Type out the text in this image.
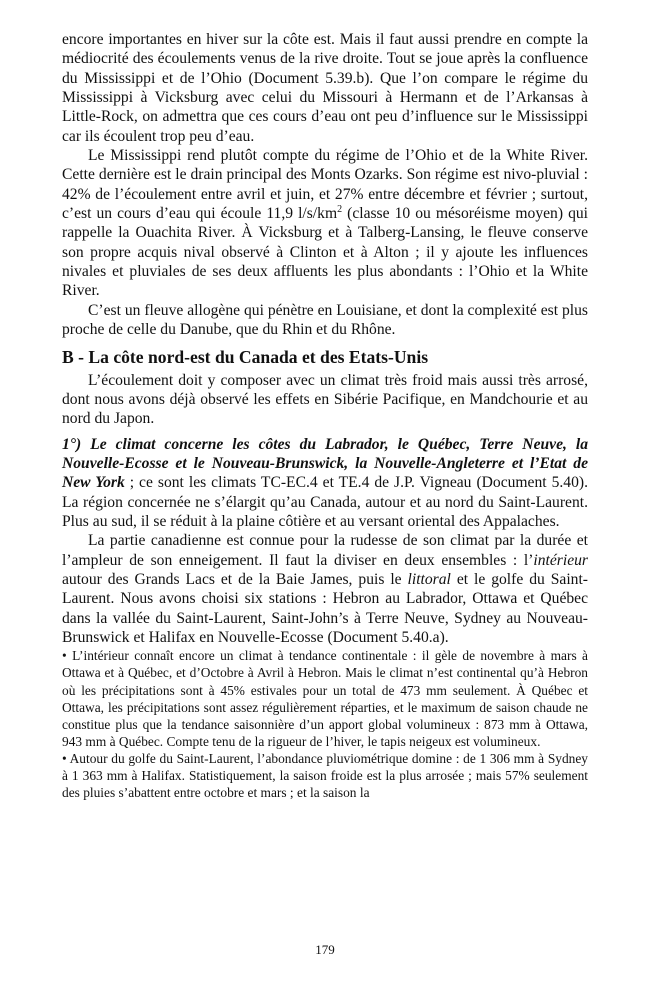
encore importantes en hiver sur la côte est. Mais il faut aussi prendre en compte la médiocrité des écoulements venus de la rive droite. Tout se joue après la confluence du Mississippi et de l’Ohio (Document 5.39.b). Que l’on compare le régime du Mississippi à Vicksburg avec celui du Missouri à Hermann et de l’Arkansas à Little-Rock, on admettra que ces cours d’eau ont peu d’influence sur le Mississippi car ils écoulent trop peu d’eau.

Le Mississippi rend plutôt compte du régime de l’Ohio et de la White River. Cette dernière est le drain principal des Monts Ozarks. Son régime est nivo-pluvial : 42% de l’écoulement entre avril et juin, et 27% entre décembre et février ; surtout, c’est un cours d’eau qui écoule 11,9 $l/s/km^2$ (classe 10 ou mésoréisme moyen) qui rappelle la Ouachita River. À Vicksburg et à Talberg-Lansing, le fleuve conserve son propre acquis nival observé à Clinton et à Alton ; il y ajoute les influences nivales et pluviales de ses deux affluents les plus abondants : l’Ohio et la White River.

C’est un fleuve allogène qui pénètre en Louisiane, et dont la complexité est plus proche de celle du Danube, que du Rhin et du Rhône.

B - La côte nord-est du Canada et des Etats-Unis

L’écoulement doit y composer avec un climat très froid mais aussi très arrosé, dont nous avons déjà observé les effets en Sibérie Pacifique, en Mandchourie et au nord du Japon.

1°) Le climat concerne les côtes du Labrador, le Québec, Terre Neuve, la Nouvelle-Ecosse et le Nouveau-Brunswick, la Nouvelle-Angleterre et l’Etat de New York ; ce sont les climats TC-EC.4 et TE.4 de J.P. Vigneau (Document 5.40). La région concernée ne s’élargit qu’au Canada, autour et au nord du Saint-Laurent. Plus au sud, il se réduit à la plaine côtière et au versant oriental des Appalaches.

La partie canadienne est connue pour la rudesse de son climat par la durée et l’ampleur de son enneigement. Il faut la diviser en deux ensembles : l’intérieur autour des Grands Lacs et de la Baie James, puis le littoral et le golfe du Saint-Laurent. Nous avons choisi six stations : Hebron au Labrador, Ottawa et Québec dans la vallée du Saint-Laurent, Saint-John’s à Terre Neuve, Sydney au Nouveau-Brunswick et Halifax en Nouvelle-Ecosse (Document 5.40.a).

• L’intérieur connaît encore un climat à tendance continentale : il gèle de novembre à mars à Ottawa et à Québec, et d’Octobre à Avril à Hebron. Mais le climat n’est continental qu’à Hebron où les précipitations sont à 45% estivales pour un total de 473 mm seulement. À Québec et Ottawa, les précipitations sont assez régulièrement réparties, et le maximum de saison chaude ne constitue plus que la tendance saisonnière d’un apport global volumineux : 873 mm à Ottawa, 943 mm à Québec. Compte tenu de la rigueur de l’hiver, le tapis neigeux est volumineux.

• Autour du golfe du Saint-Laurent, l’abondance pluviométrique domine : de 1 306 mm à Sydney à 1 363 mm à Halifax. Statistiquement, la saison froide est la plus arrosée ; mais 57% seulement des pluies s’abattent entre octobre et mars ; et la saison la

179
